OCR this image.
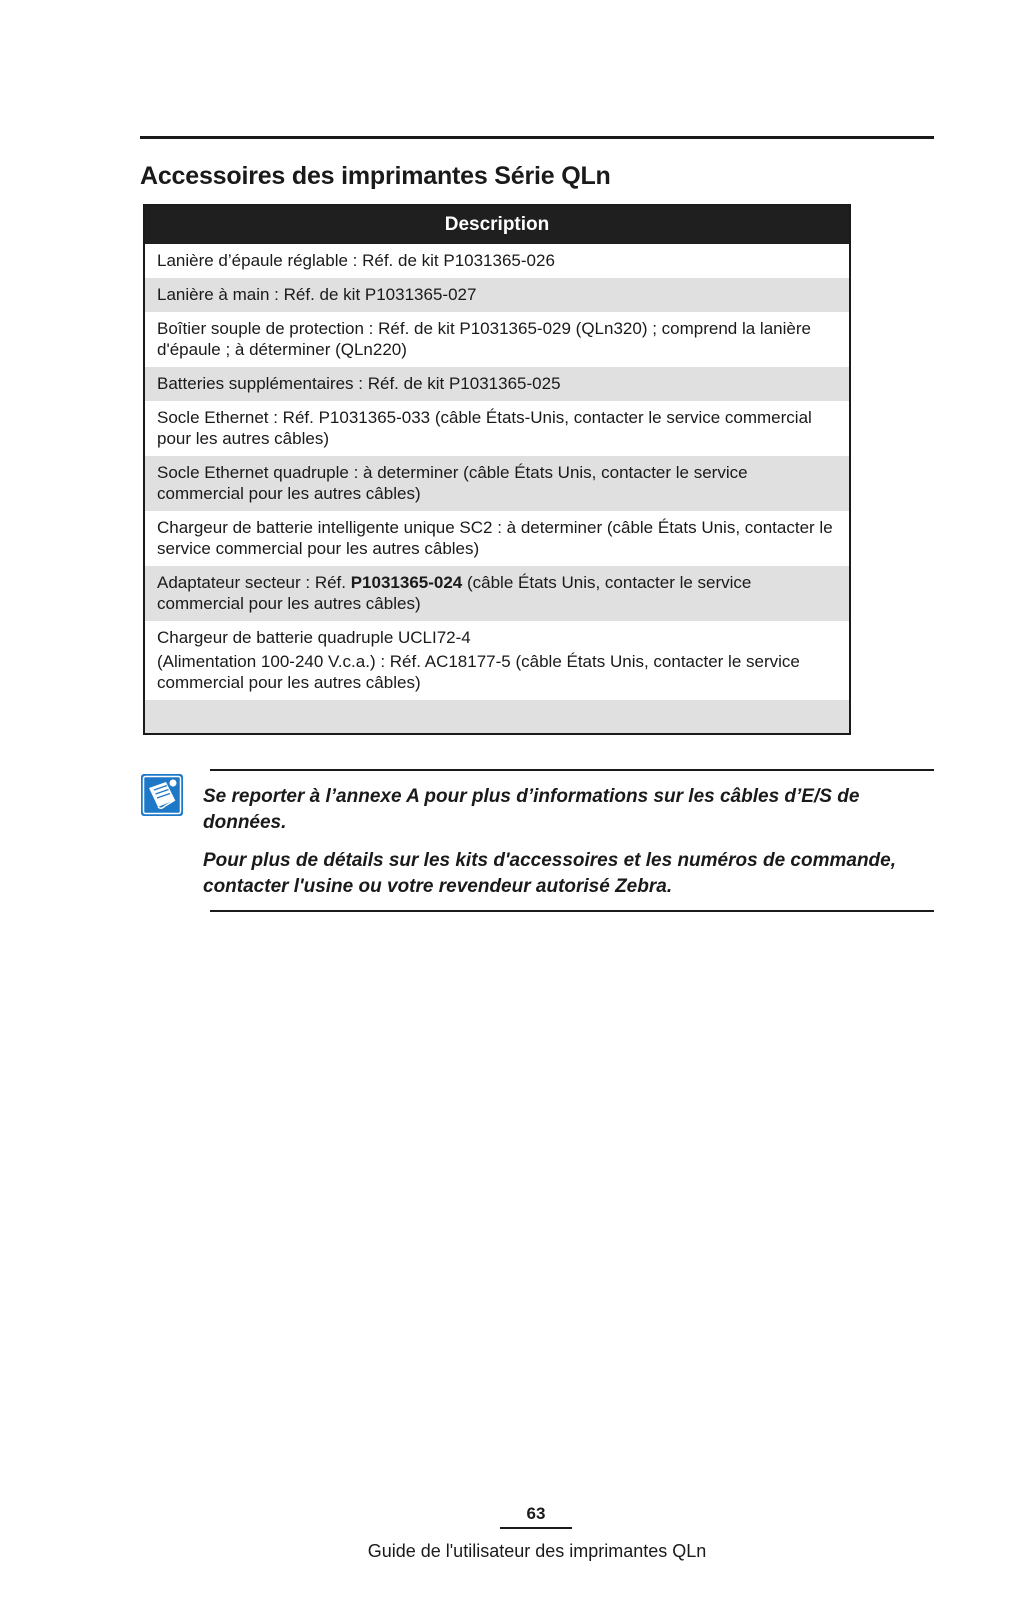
Accessoires des imprimantes Série QLn
Description
Lanière d’épaule réglable : Réf. de kit P1031365-026
Lanière à main : Réf. de kit P1031365-027
Boîtier souple de protection : Réf. de kit P1031365-029 (QLn320) ; comprend la lanière d'épaule ; à déterminer (QLn220)
Batteries supplémentaires : Réf. de kit P1031365-025
Socle Ethernet : Réf. P1031365-033 (câble États-Unis, contacter le service commercial pour les autres câbles)
Socle Ethernet quadruple : à determiner (câble États Unis, contacter le service commercial pour les autres câbles)
Chargeur de batterie intelligente unique SC2 : à determiner (câble États Unis, contacter le service commercial pour les autres câbles)
Adaptateur secteur : Réf. P1031365-024 (câble États Unis, contacter le service commercial pour les autres câbles)
Chargeur de batterie quadruple UCLI72-4
(Alimentation 100-240 V.c.a.) : Réf. AC18177-5 (câble États Unis, contacter le service commercial pour les autres câbles)

Se reporter à l’annexe A pour plus d’informations sur les câbles d’E/S de données.

Pour plus de détails sur les kits d'accessoires et les numéros de commande, contacter l'usine ou votre revendeur autorisé Zebra.

63
Guide de l'utilisateur des imprimantes QLn
